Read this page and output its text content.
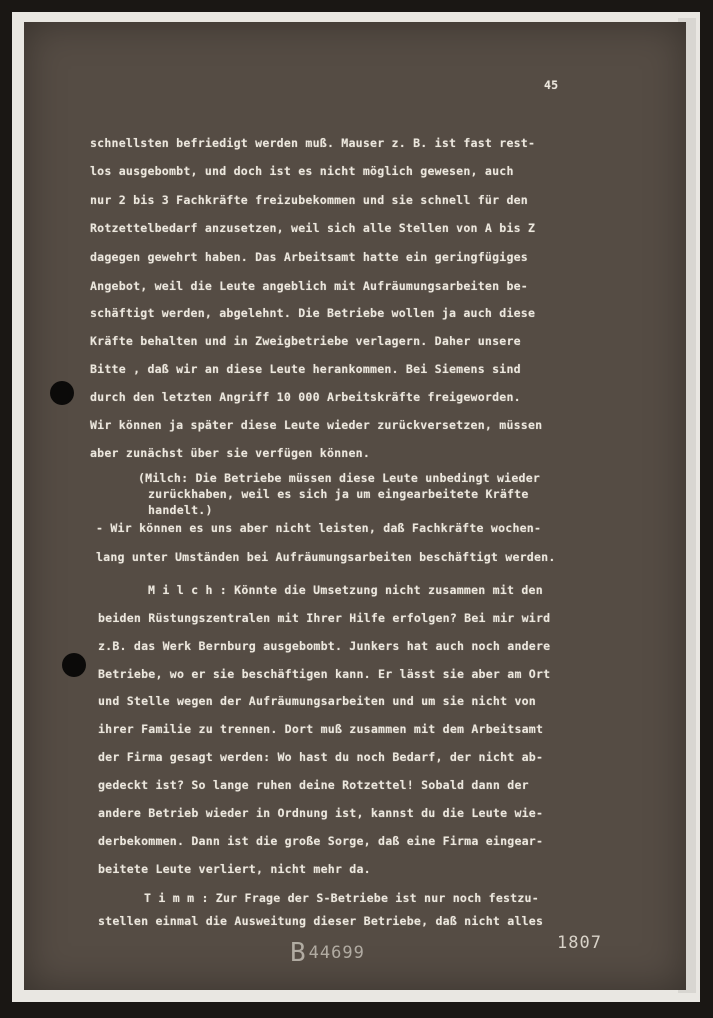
45
schnellsten befriedigt werden muß. Mauser z. B. ist fast rest-
los ausgebombt, und doch ist es nicht möglich gewesen, auch
nur 2 bis 3 Fachkräfte freizubekommen und sie schnell für den
Rotzettelbedarf anzusetzen, weil sich alle Stellen von A bis Z
dagegen gewehrt haben. Das Arbeitsamt hatte ein geringfügiges
Angebot, weil die Leute angeblich mit Aufräumungsarbeiten be-
schäftigt werden, abgelehnt. Die Betriebe wollen ja auch diese
Kräfte behalten und in Zweigbetriebe verlagern. Daher unsere
Bitte , daß wir an diese Leute herankommen. Bei Siemens sind
durch den letzten Angriff 10 000 Arbeitskräfte freigeworden.
Wir können ja später diese Leute wieder zurückversetzen, müssen
aber zunächst über sie verfügen können.
(Milch: Die Betriebe müssen diese Leute unbedingt wieder
zurückhaben, weil es sich ja um eingearbeitete Kräfte
handelt.)
- Wir können es uns aber nicht leisten, daß Fachkräfte wochen-
lang unter Umständen bei Aufräumungsarbeiten beschäftigt werden.
M i l c h : Könnte die Umsetzung nicht zusammen mit den
beiden Rüstungszentralen mit Ihrer Hilfe erfolgen? Bei mir wird
z.B. das Werk Bernburg ausgebombt. Junkers hat auch noch andere
Betriebe, wo er sie beschäftigen kann. Er lässt sie aber am Ort
und Stelle wegen der Aufräumungsarbeiten und um sie nicht von
ihrer Familie zu trennen. Dort muß zusammen mit dem Arbeitsamt
der Firma gesagt werden: Wo hast du noch Bedarf, der nicht ab-
gedeckt ist? So lange ruhen deine Rotzettel! Sobald dann der
andere Betrieb wieder in Ordnung ist, kannst du die Leute wie-
derbekommen. Dann ist die große Sorge, daß eine Firma eingear-
beitete Leute verliert, nicht mehr da.
T i m m : Zur Frage der S-Betriebe ist nur noch festzu-
stellen einmal die Ausweitung dieser Betriebe, daß nicht alles
B 44699	1807
